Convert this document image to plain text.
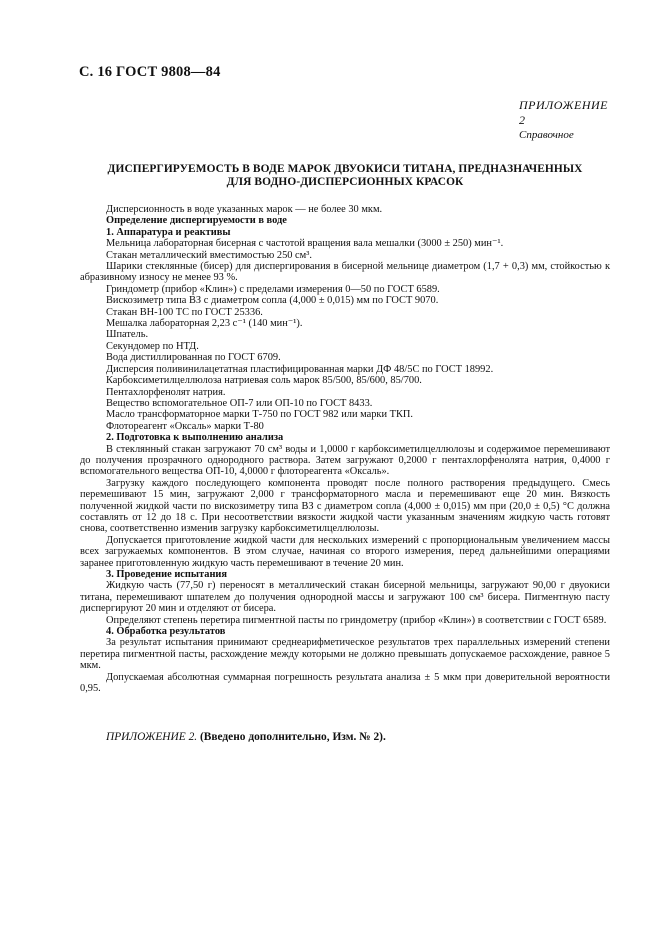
С. 16 ГОСТ 9808—84
ПРИЛОЖЕНИЕ 2
Справочное
ДИСПЕРГИРУЕМОСТЬ В ВОДЕ МАРОК ДВУОКИСИ ТИТАНА, ПРЕДНАЗНАЧЕННЫХ
ДЛЯ ВОДНО-ДИСПЕРСИОННЫХ КРАСОК

Дисперсионность в воде указанных марок — не более 30 мкм.

Определение диспергируемости в воде

1. Аппаратура и реактивы

Мельница лабораторная бисерная с частотой вращения вала мешалки (3000 ± 250) мин⁻¹.

Стакан металлический вместимостью 250 см³.

Шарики стеклянные (бисер) для диспергирования в бисерной мельнице диаметром (1,7 + 0,3) мм, стойкостью к абразивному износу не менее 93 %.

Гриндометр (прибор «Клин») с пределами измерения 0—50 по ГОСТ 6589.

Вискозиметр типа ВЗ с диаметром сопла (4,000 ± 0,015) мм по ГОСТ 9070.

Стакан ВН-100 ТС по ГОСТ 25336.

Мешалка лабораторная 2,23 с⁻¹ (140 мин⁻¹).

Шпатель.

Секундомер по НТД.

Вода дистиллированная по ГОСТ 6709.

Дисперсия поливинилацетатная пластифицированная марки ДФ 48/5С по ГОСТ 18992.

Карбоксиметилцеллюлоза натриевая соль марок 85/500, 85/600, 85/700.

Пентахлорфенолят натрия.

Вещество вспомогательное ОП-7 или ОП-10 по ГОСТ 8433.

Масло трансформаторное марки Т-750 по ГОСТ 982 или марки ТКП.

Флотореагент «Оксаль» марки Т-80

2. Подготовка к выполнению анализа

В стеклянный стакан загружают 70 см³ воды и 1,0000 г карбоксиметилцеллюлозы и содержимое перемешивают до получения прозрачного однородного раствора. Затем загружают 0,2000 г пентахлорфенолята натрия, 0,4000 г вспомогательного вещества ОП-10, 4,0000 г флотореагента «Оксаль».

Загрузку каждого последующего компонента проводят после полного растворения предыдущего. Смесь перемешивают 15 мин, загружают 2,000 г трансформаторного масла и перемешивают еще 20 мин. Вязкость полученной жидкой части по вискозиметру типа ВЗ с диаметром сопла (4,000 ± 0,015) мм при (20,0 ± 0,5) °С должна составлять от 12 до 18 с. При несоответствии вязкости жидкой части указанным значениям жидкую часть готовят снова, соответственно изменив загрузку карбоксиметилцеллюлозы.

Допускается приготовление жидкой части для нескольких измерений с пропорциональным увеличением массы всех загружаемых компонентов. В этом случае, начиная со второго измерения, перед дальнейшими операциями заранее приготовленную жидкую часть перемешивают в течение 20 мин.

3. Проведение испытания

Жидкую часть (77,50 г) переносят в металлический стакан бисерной мельницы, загружают 90,00 г двуокиси титана, перемешивают шпателем до получения однородной массы и загружают 100 см³ бисера. Пигментную пасту диспергируют 20 мин и отделяют от бисера.

Определяют степень перетира пигментной пасты по гриндометру (прибор «Клин») в соответствии с ГОСТ 6589.

4. Обработка результатов

За результат испытания принимают среднеарифметическое результатов трех параллельных измерений степени перетира пигментной пасты, расхождение между которыми не должно превышать допускаемое расхождение, равное 5 мкм.

Допускаемая абсолютная суммарная погрешность результата анализа ± 5 мкм при доверительной вероятности 0,95.

ПРИЛОЖЕНИЕ 2. (Введено дополнительно, Изм. № 2).
